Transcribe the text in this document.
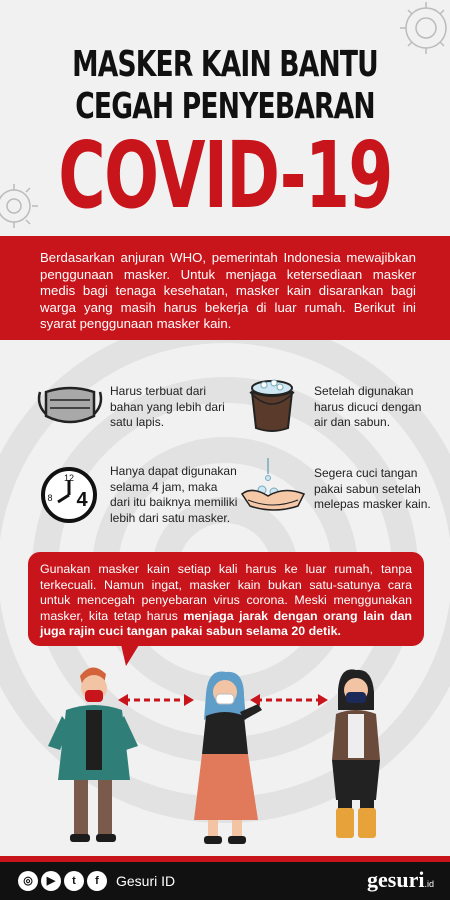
MASKER KAIN BANTU
CEGAH PENYEBARAN
COVID-19

Berdasarkan anjuran WHO, pemerintah Indonesia mewajibkan penggunaan masker. Untuk menjaga ketersediaan masker medis bagi tenaga kesehatan, masker kain disarankan bagi warga yang masih harus bekerja di luar rumah. Berikut ini syarat penggunaan masker kain.

Harus terbuat dari bahan yang lebih dari satu lapis.
Setelah digunakan harus dicuci dengan air dan sabun.
12
8 4
Hanya dapat digunakan selama 4 jam, maka dari itu baiknya memiliki lebih dari satu masker.
Segera cuci tangan pakai sabun setelah melepas masker kain.

Gunakan masker kain setiap kali harus ke luar rumah, tanpa terkecuali. Namun ingat, masker kain bukan satu-satunya cara untuk mencegah penyebaran virus corona. Meski menggunakan masker, kita tetap harus menjaga jarak dengan orang lain dan juga rajin cuci tangan pakai sabun selama 20 detik.

◎	▶	t	f	Gesuri ID	gesuri.id
